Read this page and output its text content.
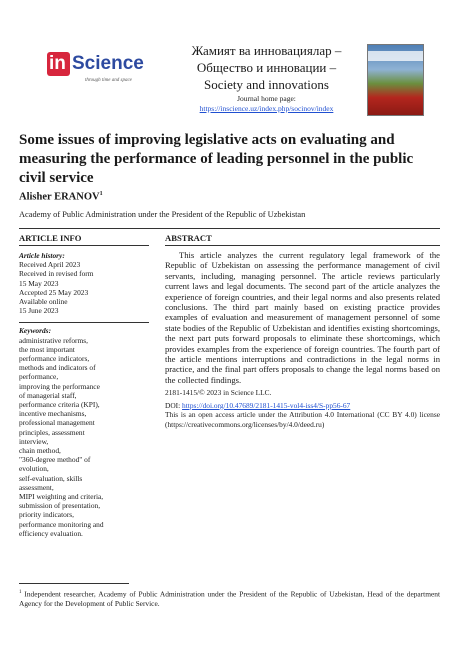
in Science
through time and space
Жамият ва инновациялар –
Общество и инновации –
Society and innovations
Journal home page:
https://inscience.uz/index.php/socinov/index
Some issues of improving legislative acts on evaluating and measuring the performance of leading personnel in the public civil service
Alisher ERANOV$^1$
Academy of Public Administration under the President of the Republic of Uzbekistan
ARTICLE INFO
Article history:
Received April 2023
Received in revised form
15 May 2023
Accepted 25 May 2023
Available online
15 June 2023
Keywords:
administrative reforms,
the most important
performance indicators,
methods and indicators of
performance,
improving the performance
of managerial staff,
performance criteria (KPI),
incentive mechanisms,
professional management
principles, assessment
interview,
chain method,
"360-degree method" of
evolution,
self-evaluation, skills
assessment,
MIPI weighting and criteria,
submission of presentation,
priority indicators,
performance monitoring and
efficiency evaluation.
ABSTRACT

This article analyzes the current regulatory legal framework of the Republic of Uzbekistan on assessing the performance management of civil servants, including, managing personnel. The article reviews particularly current laws and legal documents. The second part of the article analyzes the experience of foreign countries, and their legal norms and also presents related conclusions. The third part mainly based on existing practice provides examples of evaluation and measurement of management personnel of some state bodies of the Republic of Uzbekistan and identifies existing shortcomings, the next part puts forward proposals to eliminate these shortcomings, which provides examples from the experience of foreign countries. The fourth part of the article mentions interruptions and contradictions in the legal norms in practice, and the final part offers proposals to change the legal norms based on the collected findings.

2181-1415/© 2023 in Science LLC.
DOI: https://doi.org/10.47689/2181-1415-vol4-iss4/S-pp56-67
This is an open access article under the Attribution 4.0 International (CC BY 4.0) license (https://creativecommons.org/licenses/by/4.0/deed.ru)
$^1$ Independent researcher, Academy of Public Administration under the President of the Republic of Uzbekistan, Head of the department Agency for the Development of Public Service.
